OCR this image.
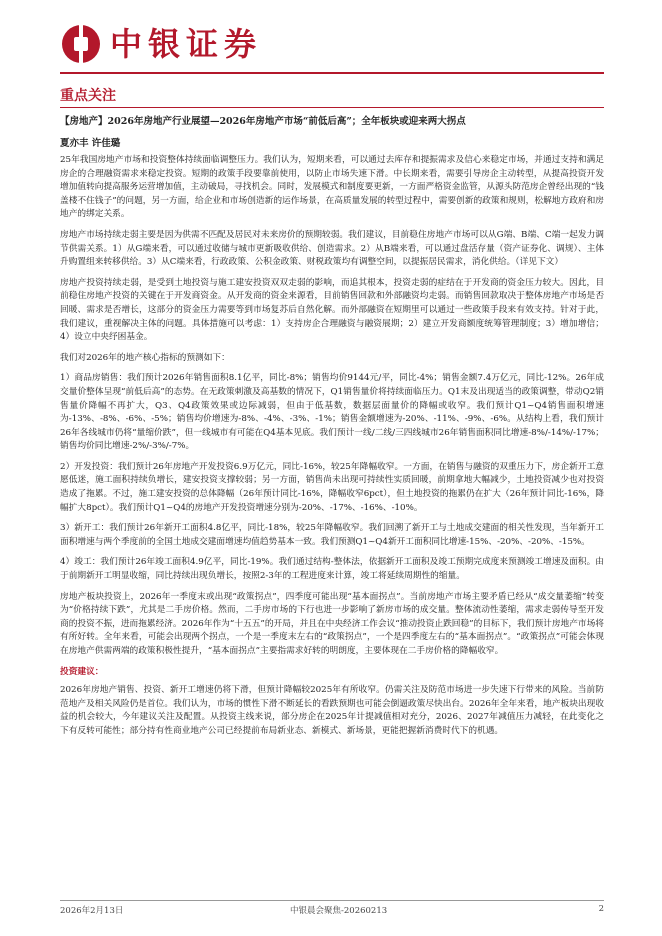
中银证券
重点关注
【房地产】2026年房地产行业展望—2026年房地产市场“前低后高”；全年板块或迎来两大拐点
夏亦丰 许佳璐

25年我国房地产市场和投资整体持续面临调整压力。我们认为，短期来看，可以通过去库存和提振需求及信心来稳定市场，并通过支持和满足房企的合理融资需求来稳定投资。短期的政策手段要靠前使用，以防止市场失速下滑。中长期来看，需要引导房企主动转型，从提高投资开发增加值转向提高服务运营增加值，主动破局，寻找机会。同时，发展模式和制度要更新，一方面严格资金监管，从源头防范房企曾经出现的“钱盖楼不住钱子”的问题，另一方面，给企业和市场创造新的运作场景，在高质量发展的转型过程中，需要创新的政策和规则，松解地方政府和房地产的绑定关系。

房地产市场持续走弱主要是因为供需不匹配及居民对未来房价的预期较弱。我们建议，目前稳住房地产市场可以从G端、B端、C端一起发力调节供需关系。1）从G端来看，可以通过收储与城市更新吸收供给、创造需求。2）从B端来看，可以通过盘活存量（资产证券化、调规）、主体升购置组来转移供给。3）从C端来看，行政政策、公积金政策、财税政策均有调整空间，以提振居民需求，消化供给。（详见下文）

房地产投资持续走弱，是受到土地投资与施工建安投资双双走弱的影响，而追其根本，投资走弱的症结在于开发商的资金压力较大。因此，目前稳住房地产投资的关键在于开发商资金。从开发商的资金来源看，目前销售回款和外部融资均走弱。而销售回款取决于整体房地产市场是否回暖、需求是否增长，这部分的资金压力需要等到市场复苏后自然化解。而外部融资在短期里可以通过一些政策手段来有效支持。针对于此，我们建议，重视解决主体的问题。具体措施可以考虑：1）支持房企合理融资与融资展期；2）建立开发商额度统筹管理制度；3）增加增信；4）设立中央纾困基金。

我们对2026年的地产核心指标的预测如下：

1）商品房销售：我们预计2026年销售面积8.1亿平，同比-8%；销售均价9144元/平，同比-4%；销售金额7.4万亿元，同比-12%。26年成交量价整体呈现“前低后高”的态势。在无政策刺激及高基数的情况下，Q1销售量价将持续面临压力。Q1末及出现适当的政策调整，带动Q2销售量价降幅不再扩大，Q3、Q4政策效果或边际减弱，但由于低基数，数据层面量价的降幅或收窄。我们预计Q1~Q4销售面积增速为-13%、-8%、-6%、-5%；销售均价增速为-8%、-4%、-3%、-1%；销售金额增速为-20%、-11%、-9%、-6%。从结构上看，我们预计26年各线城市仍将“量缩价跌”，但一线城市有可能在Q4基本见底。我们预计一线/二线/三四线城市26年销售面积同比增速-8%/-14%/-17%；销售均价同比增速-2%/-3%/-7%。

2）开发投资：我们预计26年房地产开发投资6.9万亿元，同比-16%，较25年降幅收窄。一方面，在销售与融资的双重压力下，房企新开工意愿低迷，施工面积持续负增长，建安投资支撑较弱；另一方面，销售尚未出现可持续性实质回暖，前期拿地大幅减少，土地投资减少也对投资造成了拖累。不过，施工建安投资的总体降幅（26年预计同比-16%，降幅收窄6pct），但土地投资的拖累仍在扩大（26年预计同比-16%，降幅扩大8pct）。我们预计Q1~Q4的房地产开发投资增速分别为-20%、-17%、-16%、-10%。

3）新开工：我们预计26年新开工面积4.8亿平，同比-18%，较25年降幅收窄。我们回溯了新开工与土地成交建面的相关性发现，当年新开工面积增速与两个季度前的全国土地成交建面增速均值趋势基本一致。我们预测Q1~Q4新开工面积同比增速-15%、-20%、-20%、-15%。

4）竣工：我们预计26年竣工面积4.9亿平，同比-19%。我们通过结构-整体法，依据新开工面积及竣工预期完成度来预测竣工增速及面积。由于前期新开工明显收缩，同比持续出现负增长，按照2-3年的工程进度来计算，竣工将延续周期性的缩量。

房地产板块投资上，2026年一季度末或出现“政策拐点”，四季度可能出现“基本面拐点”。当前房地产市场主要矛盾已经从“成交量萎缩”转变为“价格持续下跌”，尤其是二手房价格。然而，二手房市场的下行也进一步影响了新房市场的成交量。整体流动性萎缩，需求走弱传导至开发商的投资不振，进而拖累经济。2026年作为“十五五”的开局，并且在中央经济工作会议“推动投资止跌回稳”的目标下，我们预计房地产市场将有所好转。全年来看，可能会出现两个拐点，一个是一季度末左右的“政策拐点”，一个是四季度左右的“基本面拐点”。“政策拐点”可能会体现在房地产供需两端的政策积极性提升，“基本面拐点”主要指需求好转的明朗度，主要体现在二手房价格的降幅收窄。

投资建议：

2026年房地产销售、投资、新开工增速仍将下滑，但预计降幅较2025年有所收窄。仍需关注及防范市场进一步失速下行带来的风险。当前防范地产及相关风险仍是首位。我们认为，市场的惯性下滑不断延长的看跌预期也可能会倒逼政策尽快出台。2026年全年来看，地产板块出现收益的机会较大，今年建议关注及配置。从投资主线来说，部分房企在2025年计提减值相对充分，2026、2027年减值压力减轻，在此变化之下有反转可能性；部分持有性商业地产公司已经提前布局新业态、新模式、新场景，更能把握新消费时代下的机遇。

2026年2月13日	中银晨会聚焦-20260213	2
